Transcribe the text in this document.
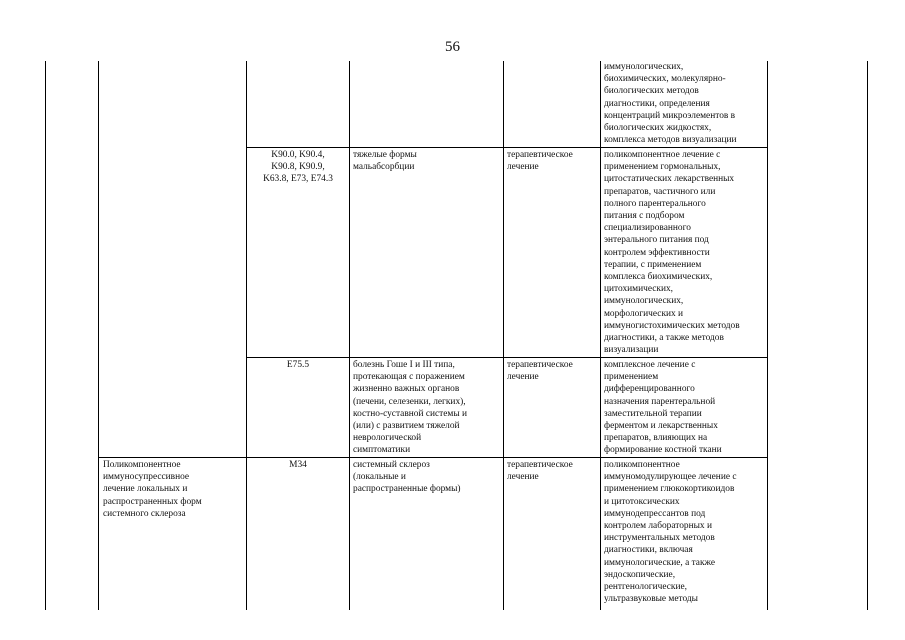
56
иммунологических,
биохимических, молекулярно-
биологических методов
диагностики, определения
концентраций микроэлементов в
биологических жидкостях,
комплекса методов визуализации
K90.0, K90.4,
K90.8, K90.9,
K63.8, E73, E74.3
тяжелые формы
мальабсорбции
терапевтическое
лечение
поликомпонентное лечение с
применением гормональных,
цитостатических лекарственных
препаратов, частичного или
полного парентерального
питания с подбором
специализированного
энтерального питания под
контролем эффективности
терапии, с применением
комплекса биохимических,
цитохимических,
иммунологических,
морфологических и
иммуногистохимических методов
диагностики, а также методов
визуализации
E75.5	болезнь Гоше I и III типа,
протекающая с поражением
жизненно важных органов
(печени, селезенки, легких),
костно-суставной системы и
(или) с развитием тяжелой
неврологической
симптоматики
терапевтическое
лечение
комплексное лечение с
применением
дифференцированного
назначения парентеральной
заместительной терапии
ферментом и лекарственных
препаратов, влияющих на
формирование костной ткани
Поликомпонентное
иммуносупрессивное
лечение локальных и
распространенных форм
системного склероза
M34	системный склероз
(локальные и
распространенные формы)
терапевтическое
лечение
поликомпонентное
иммуномодулирующее лечение с
применением глюкокортикоидов
и цитотоксических
иммунодепрессантов под
контролем лабораторных и
инструментальных методов
диагностики, включая
иммунологические, а также
эндоскопические,
рентгенологические,
ультразвуковые методы
